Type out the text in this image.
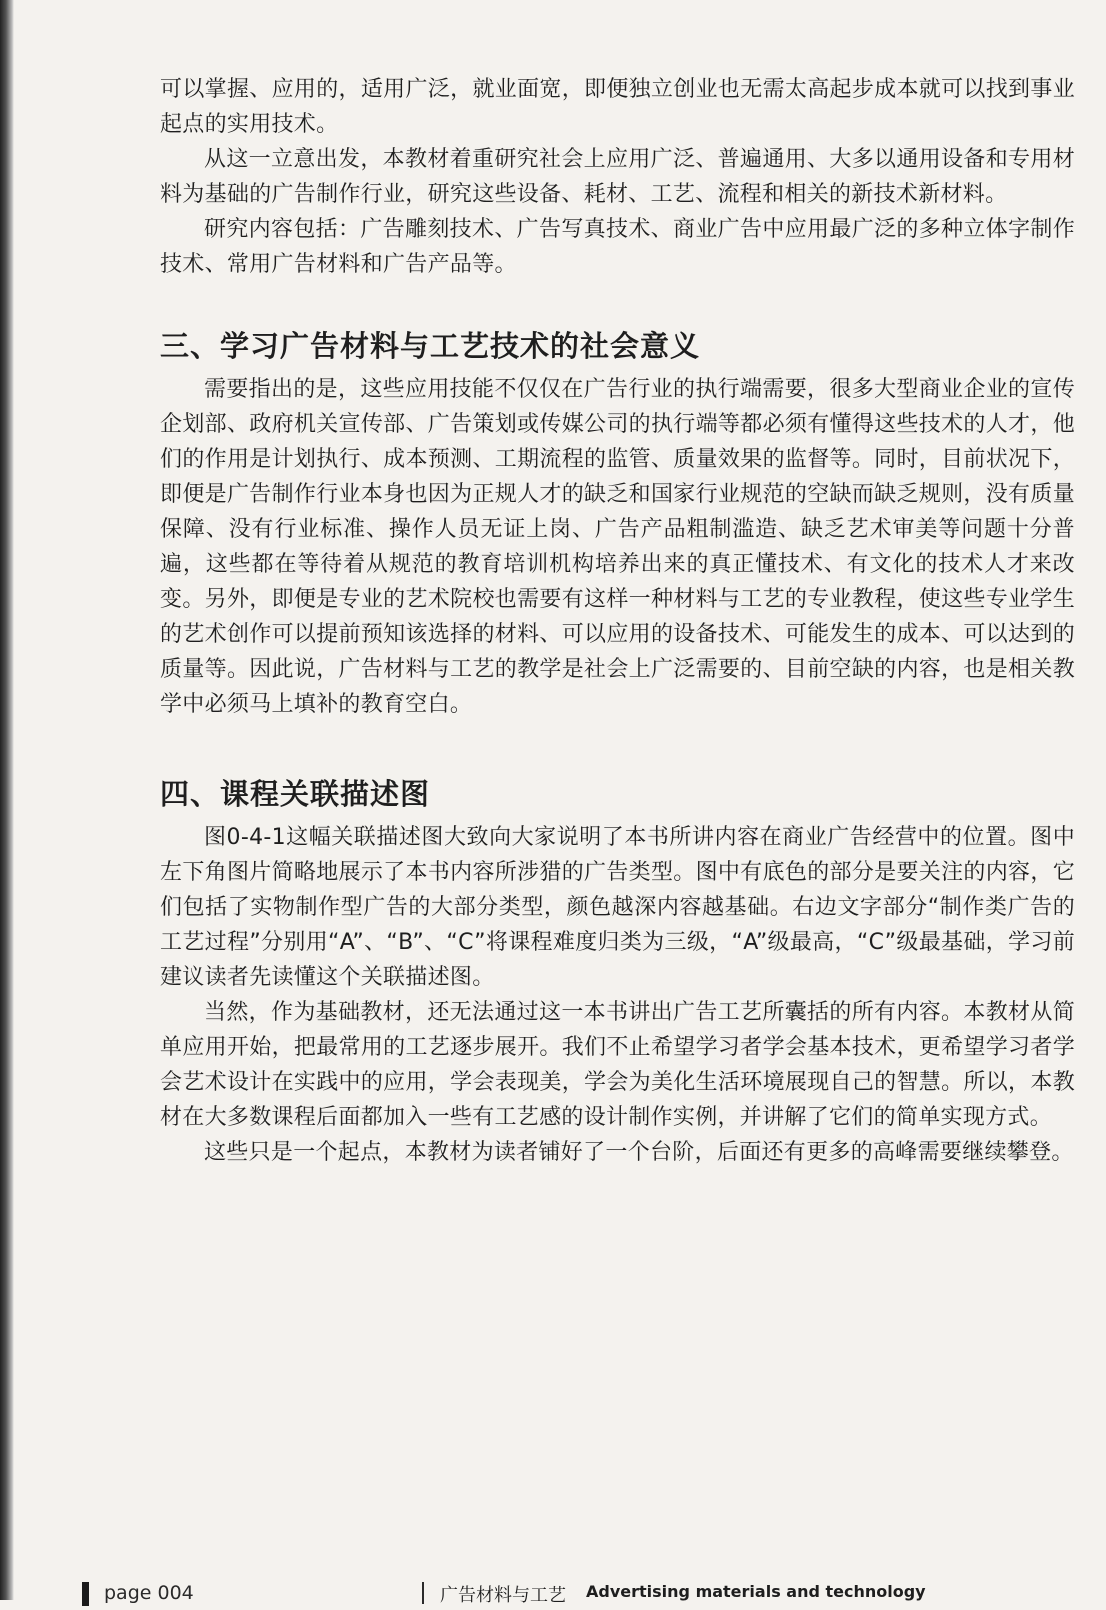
可以掌握、应用的，适用广泛，就业面宽，即便独立创业也无需太高起步成本就可以找到事业起点的实用技术。

从这一立意出发，本教材着重研究社会上应用广泛、普遍通用、大多以通用设备和专用材料为基础的广告制作行业，研究这些设备、耗材、工艺、流程和相关的新技术新材料。

研究内容包括：广告雕刻技术、广告写真技术、商业广告中应用最广泛的多种立体字制作技术、常用广告材料和广告产品等。

三、学习广告材料与工艺技术的社会意义

需要指出的是，这些应用技能不仅仅在广告行业的执行端需要，很多大型商业企业的宣传企划部、政府机关宣传部、广告策划或传媒公司的执行端等都必须有懂得这些技术的人才，他们的作用是计划执行、成本预测、工期流程的监管、质量效果的监督等。同时，目前状况下，即便是广告制作行业本身也因为正规人才的缺乏和国家行业规范的空缺而缺乏规则，没有质量保障、没有行业标准、操作人员无证上岗、广告产品粗制滥造、缺乏艺术审美等问题十分普遍，这些都在等待着从规范的教育培训机构培养出来的真正懂技术、有文化的技术人才来改变。另外，即便是专业的艺术院校也需要有这样一种材料与工艺的专业教程，使这些专业学生的艺术创作可以提前预知该选择的材料、可以应用的设备技术、可能发生的成本、可以达到的质量等。因此说，广告材料与工艺的教学是社会上广泛需要的、目前空缺的内容，也是相关教学中必须马上填补的教育空白。

四、课程关联描述图

图0-4-1这幅关联描述图大致向大家说明了本书所讲内容在商业广告经营中的位置。图中左下角图片简略地展示了本书内容所涉猎的广告类型。图中有底色的部分是要关注的内容，它们包括了实物制作型广告的大部分类型，颜色越深内容越基础。右边文字部分“制作类广告的工艺过程”分别用“A”、“B”、“C”将课程难度归类为三级，“A”级最高，“C”级最基础，学习前建议读者先读懂这个关联描述图。

当然，作为基础教材，还无法通过这一本书讲出广告工艺所囊括的所有内容。本教材从简单应用开始，把最常用的工艺逐步展开。我们不止希望学习者学会基本技术，更希望学习者学会艺术设计在实践中的应用，学会表现美，学会为美化生活环境展现自己的智慧。所以，本教材在大多数课程后面都加入一些有工艺感的设计制作实例，并讲解了它们的简单实现方式。

这些只是一个起点，本教材为读者铺好了一个台阶，后面还有更多的高峰需要继续攀登。

page 004	广告材料与工艺 Advertising materials and technology
